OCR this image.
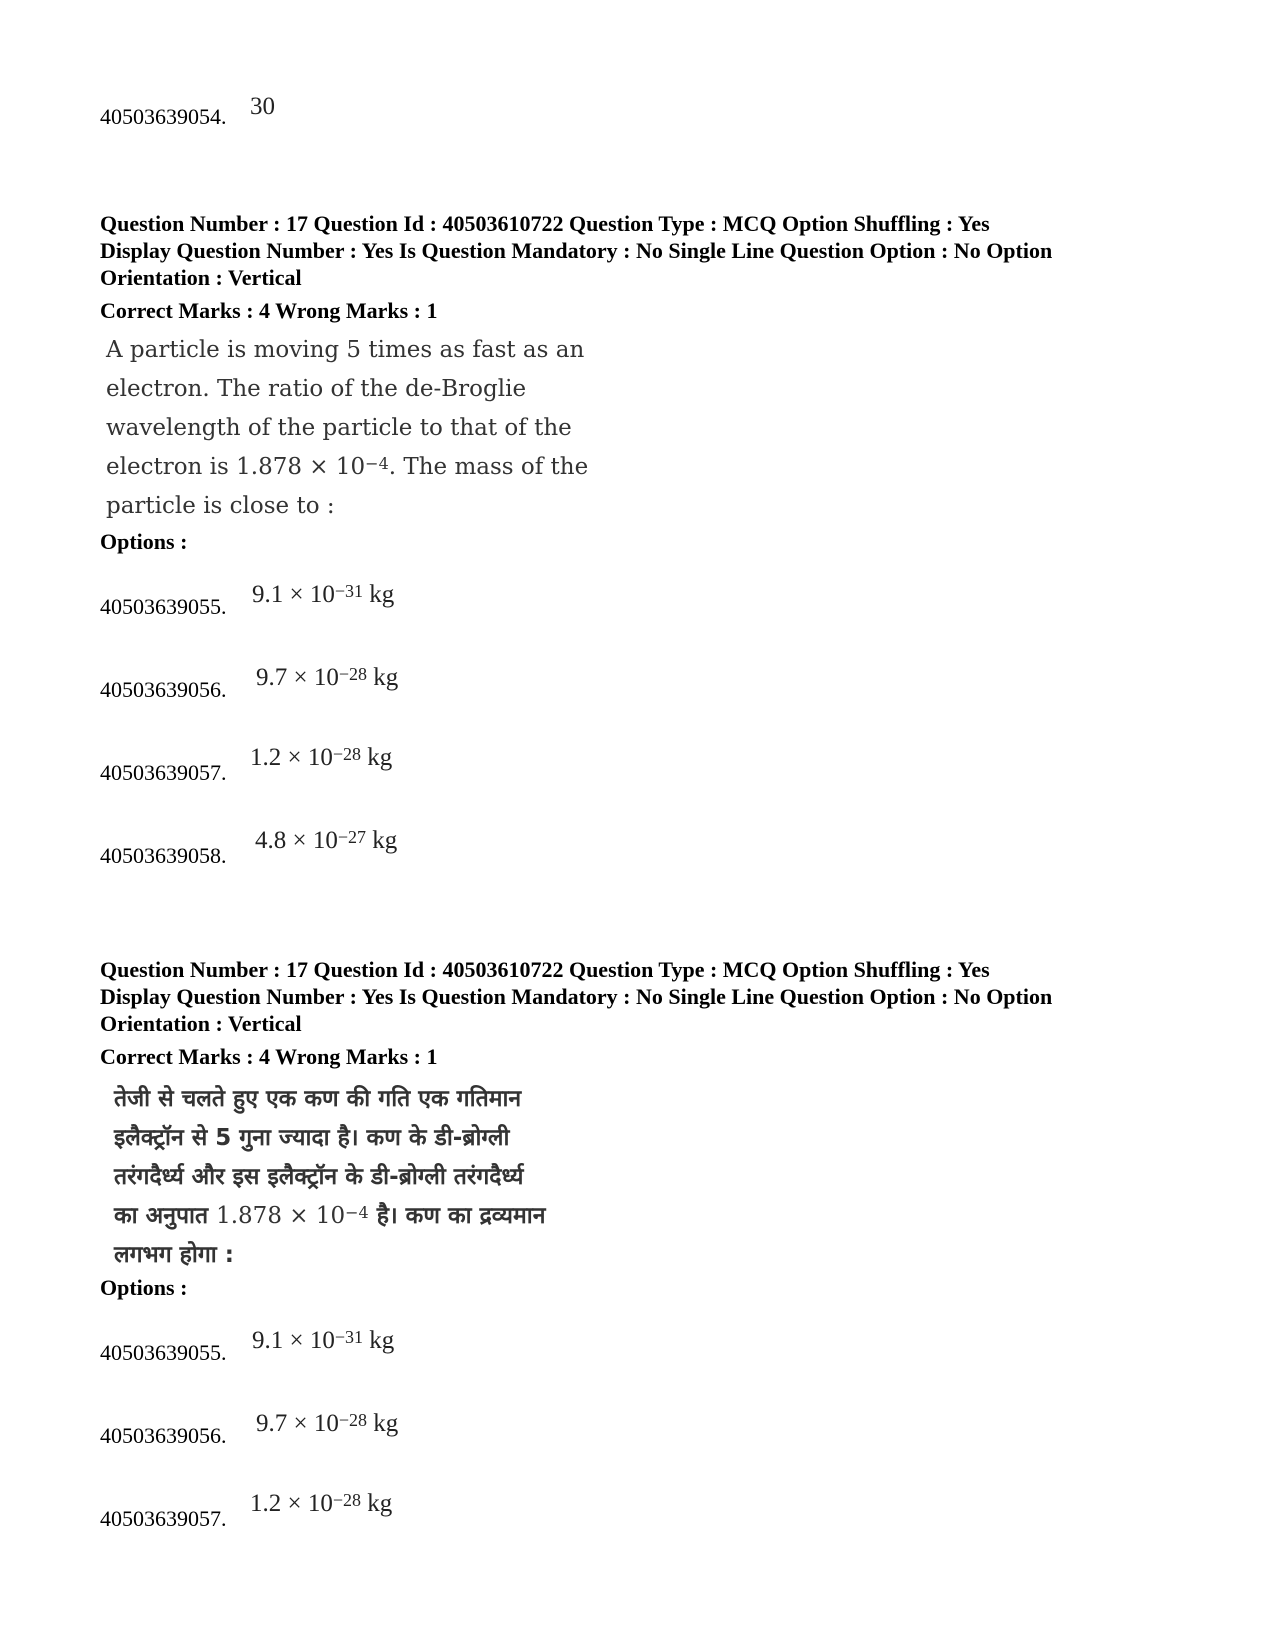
40503639054. 30
Question Number : 17 Question Id : 40503610722 Question Type : MCQ Option Shuffling : Yes
Display Question Number : Yes Is Question Mandatory : No Single Line Question Option : No Option
Orientation : Vertical
Correct Marks : 4 Wrong Marks : 1
A particle is moving 5 times as fast as an
electron. The ratio of the de-Broglie
wavelength of the particle to that of the
electron is $1.878 \times 10^{-4}$. The mass of the
particle is close to :
Options :
40503639055. $9.1 \times 10^{-31}$ kg
40503639056. $9.7 \times 10^{-28}$ kg
40503639057.
$1.2 \times 10^{-28}$ kg
40503639058.
$4.8 \times 10^{-27}$ kg
Question Number : 17 Question Id : 40503610722 Question Type : MCQ Option Shuffling : Yes
Display Question Number : Yes Is Question Mandatory : No Single Line Question Option : No Option
Orientation : Vertical
Correct Marks : 4 Wrong Marks : 1
तेजी से चलते हुए एक कण की गति एक गतिमान
इलैक्ट्रॉन से 5 गुना ज्यादा है। कण के डी-ब्रोग्ली
तरंगदैर्ध्य और इस इलैक्ट्रॉन के डी-ब्रोग्ली तरंगदैर्ध्य
का अनुपात $1.878 \times 10^{-4}$ है। कण का द्रव्यमान
लगभग होगा :
Options :
40503639055. $9.1 \times 10^{-31}$ kg
40503639056. $9.7 \times 10^{-28}$ kg
40503639057.
$1.2 \times 10^{-28}$ kg
